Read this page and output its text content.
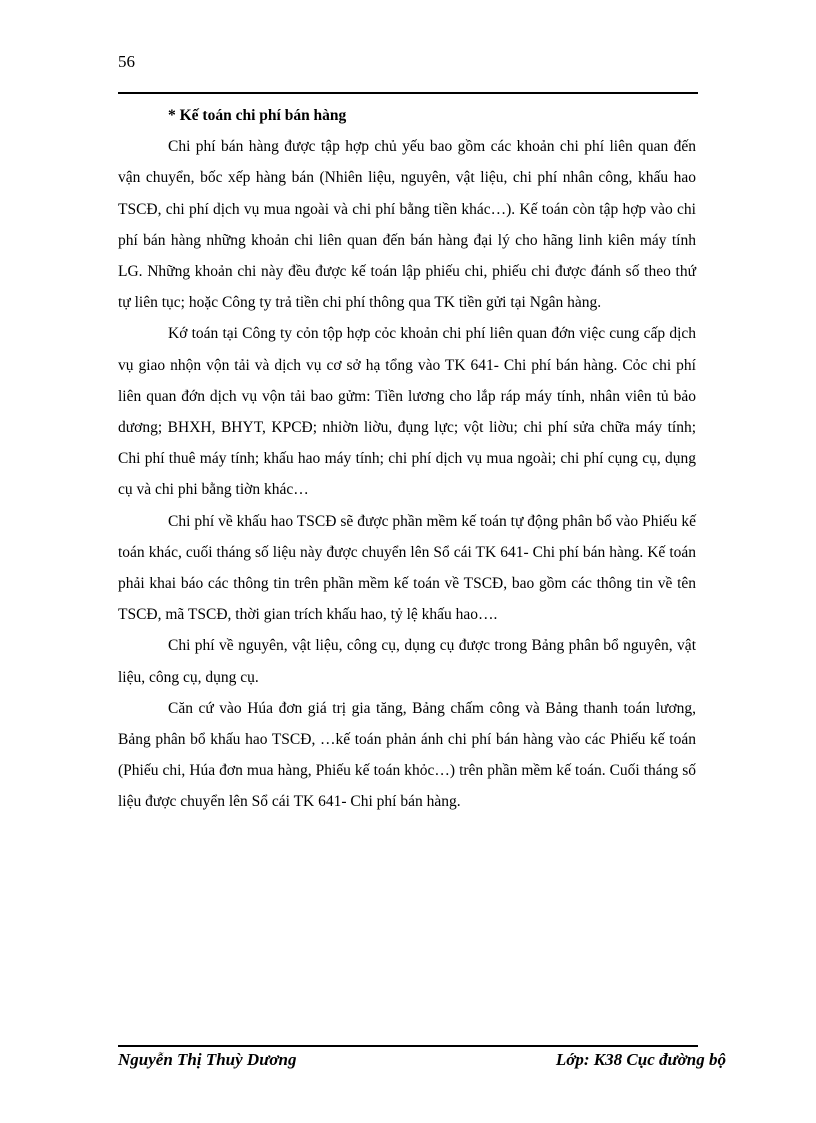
56

* Kế toán chi phí bán hàng

Chi phí bán hàng được tập hợp chủ yếu bao gồm các khoản chi phí liên quan đến vận chuyển, bốc xếp hàng bán (Nhiên liệu, nguyên, vật liệu, chi phí nhân công, khấu hao TSCĐ, chi phí dịch vụ mua ngoài và chi phí bằng tiền khác…). Kế toán còn tập hợp vào chi phí bán hàng những khoản chi liên quan đến bán hàng đại lý cho hãng linh kiên máy tính LG. Những khoản chi này đều được kế toán lập phiếu chi, phiếu chi được đánh số theo thứ tự liên tục; hoặc Công ty trả tiền chi phí thông qua TK tiền gửi tại Ngân hàng.

Kớ toán tại Công ty cỏn tộp hợp cỏc khoản chi phí liên quan đớn việc cung cấp dịch vụ giao nhộn vộn tải và dịch vụ cơ sở hạ tổng vào TK 641- Chi phí bán hàng. Cỏc chi phí liên quan đớn dịch vụ vộn tải bao gửm: Tiền lương cho lắp ráp máy tính, nhân viên tủ bảo dương; BHXH, BHYT, KPCĐ; nhiờn liờu, đụng lực; vột liờu; chi phí sửa chữa máy tính; Chi phí thuê máy tính; khấu hao máy tính; chi phí dịch vụ mua ngoài; chi phí cụng cụ, dụng cụ và chi phi bằng tiờn khác…

Chi phí về khấu hao TSCĐ sẽ được phần mềm kế toán tự động phân bổ vào Phiếu kế toán khác, cuối tháng số liệu này được chuyển lên Sổ cái TK 641- Chi phí bán hàng. Kế toán phải khai báo các thông tin trên phần mềm kế toán về TSCĐ, bao gồm các thông tin về tên TSCĐ, mã TSCĐ, thời gian trích khấu hao, tỷ lệ khấu hao….

Chi phí về nguyên, vật liệu, công cụ, dụng cụ được trong Bảng phân bổ nguyên, vật liệu, công cụ, dụng cụ.

Căn cứ vào Húa đơn giá trị gia tăng, Bảng chấm công và Bảng thanh toán lương, Bảng phân bổ khấu hao TSCĐ, …kế toán phản ánh chi phí bán hàng vào các Phiếu kế toán (Phiếu chi, Húa đơn mua hàng, Phiếu kế toán khỏc…) trên phần mềm kế toán. Cuối tháng số liệu được chuyển lên Sổ cái TK 641- Chi phí bán hàng.

Nguyễn Thị Thuỳ Dương	Lớp: K38 Cục đường bộ
